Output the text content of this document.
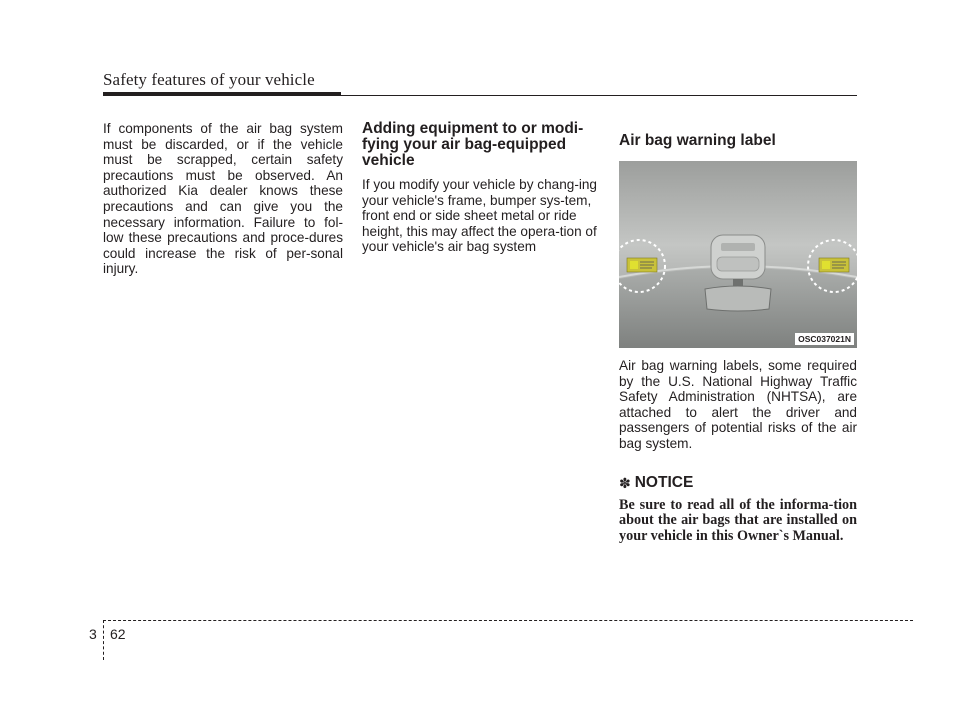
Safety features of your vehicle

If components of the air bag system must be discarded, or if the vehicle must be scrapped, certain safety precautions must be observed. An authorized Kia dealer knows these precautions and can give you the necessary information. Failure to fol-low these precautions and proce-dures could increase the risk of per-sonal injury.

Adding equipment to or modi-fying your air bag-equipped vehicle

If you modify your vehicle by chang-ing your vehicle's frame, bumper sys-tem, front end or side sheet metal or ride height, this may affect the opera-tion of your vehicle's air bag system

Air bag warning label
OSC037021N

Air bag warning labels, some required by the U.S. National Highway Traffic Safety Administration (NHTSA), are attached to alert the driver and passengers of potential risks of the air bag system.

✽ NOTICE

Be sure to read all of the informa-tion about the air bags that are installed on your vehicle in this Owner`s Manual.

3 62
